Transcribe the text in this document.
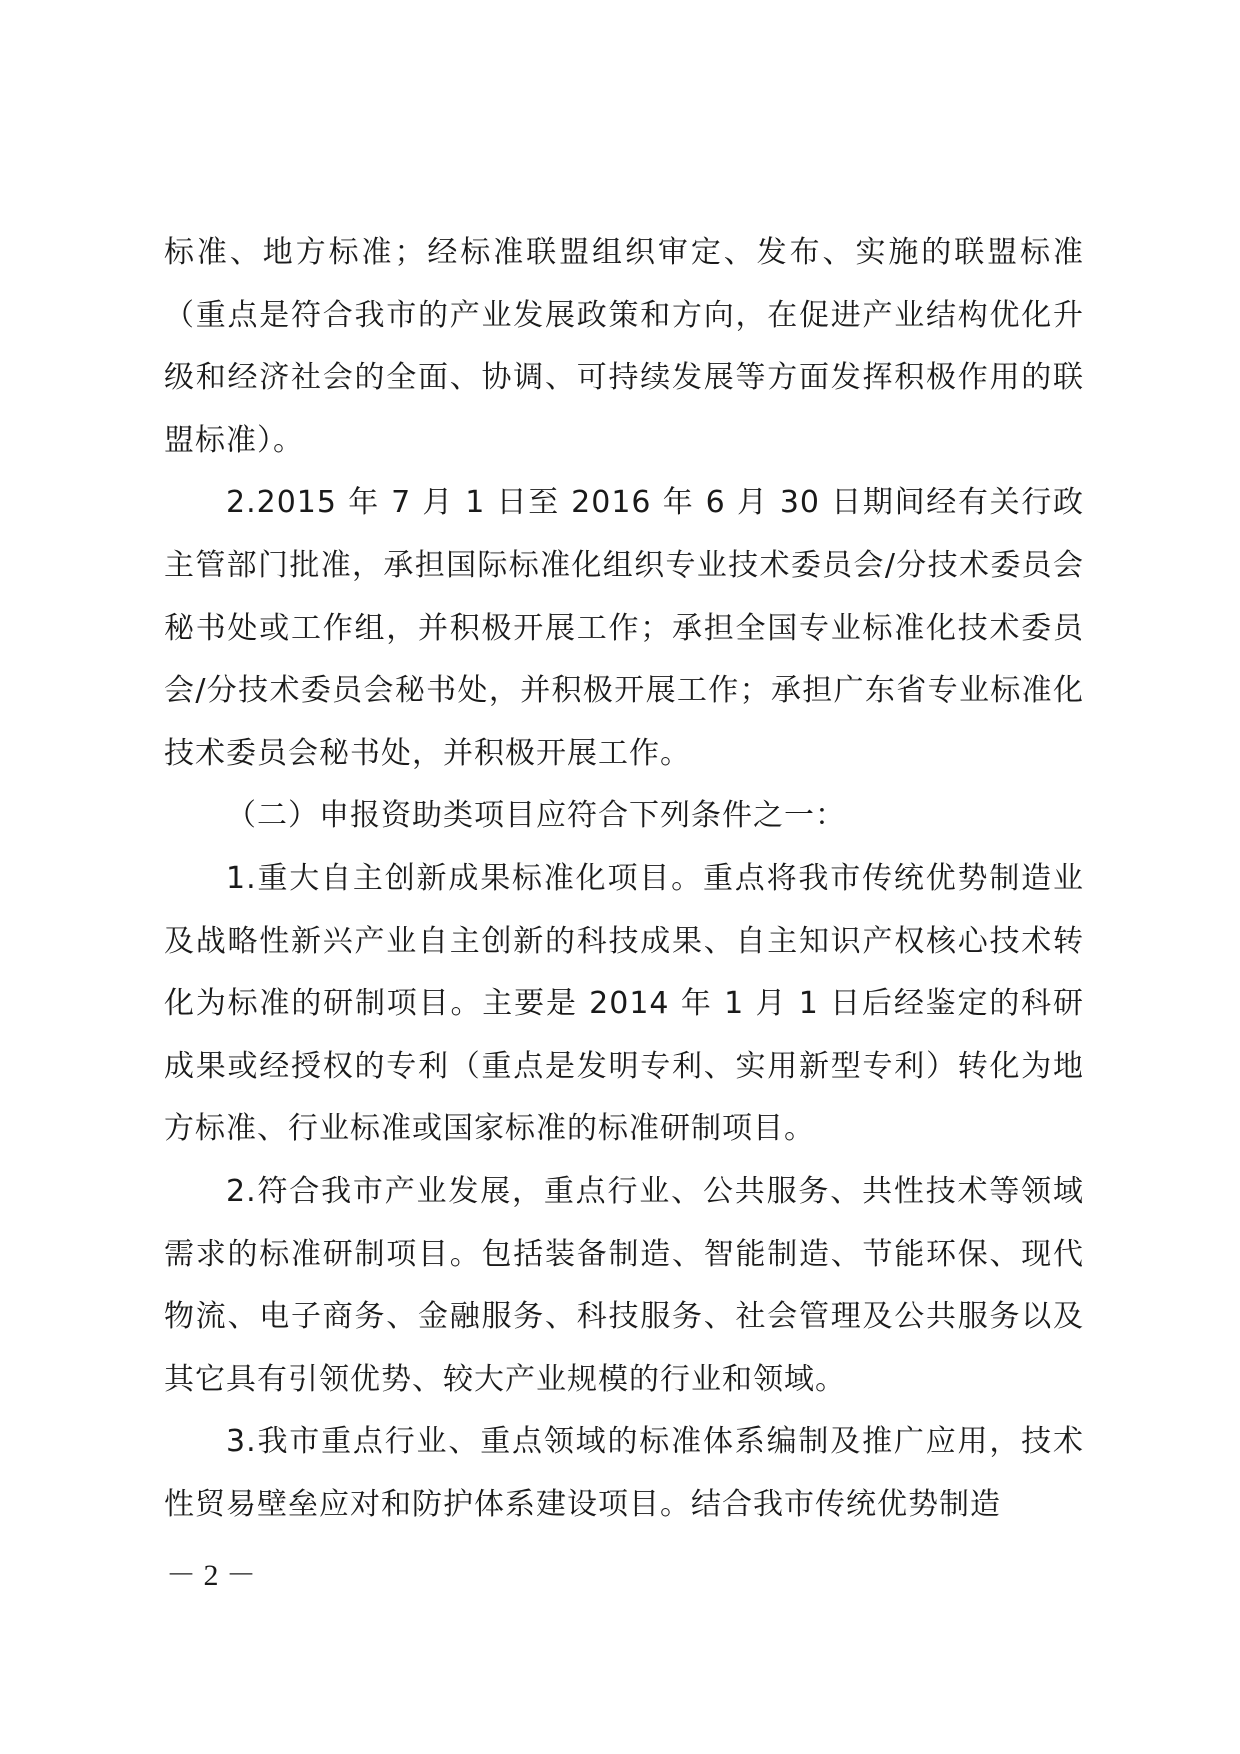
标准、地方标准；经标准联盟组织审定、发布、实施的联盟标准（重点是符合我市的产业发展政策和方向，在促进产业结构优化升级和经济社会的全面、协调、可持续发展等方面发挥积极作用的联盟标准）。

2.2015 年 7 月 1 日至 2016 年 6 月 30 日期间经有关行政主管部门批准，承担国际标准化组织专业技术委员会/分技术委员会秘书处或工作组，并积极开展工作；承担全国专业标准化技术委员会/分技术委员会秘书处，并积极开展工作；承担广东省专业标准化技术委员会秘书处，并积极开展工作。

（二）申报资助类项目应符合下列条件之一：

1.重大自主创新成果标准化项目。重点将我市传统优势制造业及战略性新兴产业自主创新的科技成果、自主知识产权核心技术转化为标准的研制项目。主要是 2014 年 1 月 1 日后经鉴定的科研成果或经授权的专利（重点是发明专利、实用新型专利）转化为地方标准、行业标准或国家标准的标准研制项目。

2.符合我市产业发展，重点行业、公共服务、共性技术等领域需求的标准研制项目。包括装备制造、智能制造、节能环保、现代物流、电子商务、金融服务、科技服务、社会管理及公共服务以及其它具有引领优势、较大产业规模的行业和领域。

3.我市重点行业、重点领域的标准体系编制及推广应用，技术性贸易壁垒应对和防护体系建设项目。结合我市传统优势制造

－ 2 －
